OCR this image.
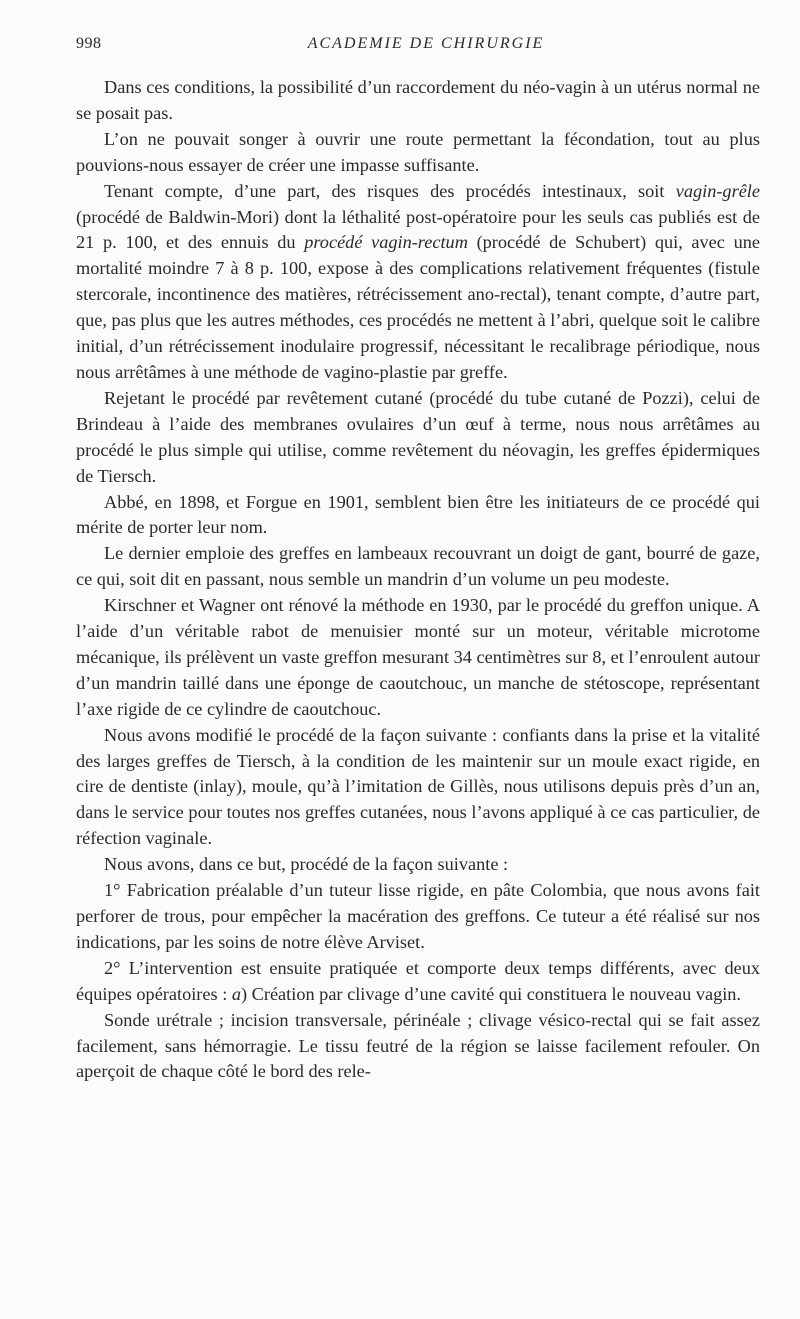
998	ACADEMIE DE CHIRURGIE

Dans ces conditions, la possibilité d’un raccordement du néo-vagin à un utérus normal ne se posait pas.

L’on ne pouvait songer à ouvrir une route permettant la fécondation, tout au plus pouvions-nous essayer de créer une impasse suffisante.

Tenant compte, d’une part, des risques des procédés intestinaux, soit vagin-grêle (procédé de Baldwin-Mori) dont la léthalité post-opératoire pour les seuls cas publiés est de 21 p. 100, et des ennuis du procédé vagin-rectum (procédé de Schubert) qui, avec une mortalité moindre 7 à 8 p. 100, expose à des complications relativement fréquentes (fistule stercorale, incontinence des matières, rétrécissement ano-rectal), tenant compte, d’autre part, que, pas plus que les autres méthodes, ces procédés ne mettent à l’abri, quelque soit le calibre initial, d’un rétrécissement inodulaire progressif, nécessitant le recalibrage périodique, nous nous arrêtâmes à une méthode de vagino-plastie par greffe.

Rejetant le procédé par revêtement cutané (procédé du tube cutané de Pozzi), celui de Brindeau à l’aide des membranes ovulaires d’un œuf à terme, nous nous arrêtâmes au procédé le plus simple qui utilise, comme revêtement du néovagin, les greffes épidermiques de Tiersch.

Abbé, en 1898, et Forgue en 1901, semblent bien être les initiateurs de ce procédé qui mérite de porter leur nom.

Le dernier emploie des greffes en lambeaux recouvrant un doigt de gant, bourré de gaze, ce qui, soit dit en passant, nous semble un mandrin d’un volume un peu modeste.

Kirschner et Wagner ont rénové la méthode en 1930, par le procédé du greffon unique. A l’aide d’un véritable rabot de menuisier monté sur un moteur, véritable microtome mécanique, ils prélèvent un vaste greffon mesurant 34 centimètres sur 8, et l’enroulent autour d’un mandrin taillé dans une éponge de caoutchouc, un manche de stétoscope, représentant l’axe rigide de ce cylindre de caoutchouc.

Nous avons modifié le procédé de la façon suivante : confiants dans la prise et la vitalité des larges greffes de Tiersch, à la condition de les maintenir sur un moule exact rigide, en cire de dentiste (inlay), moule, qu’à l’imitation de Gillès, nous utilisons depuis près d’un an, dans le service pour toutes nos greffes cutanées, nous l’avons appliqué à ce cas particulier, de réfection vaginale.

Nous avons, dans ce but, procédé de la façon suivante :

1° Fabrication préalable d’un tuteur lisse rigide, en pâte Colombia, que nous avons fait perforer de trous, pour empêcher la macération des greffons. Ce tuteur a été réalisé sur nos indications, par les soins de notre élève Arviset.

2° L’intervention est ensuite pratiquée et comporte deux temps différents, avec deux équipes opératoires : a) Création par clivage d’une cavité qui constituera le nouveau vagin.

Sonde urétrale ; incision transversale, périnéale ; clivage vésico-rectal qui se fait assez facilement, sans hémorragie. Le tissu feutré de la région se laisse facilement refouler. On aperçoit de chaque côté le bord des rele-
